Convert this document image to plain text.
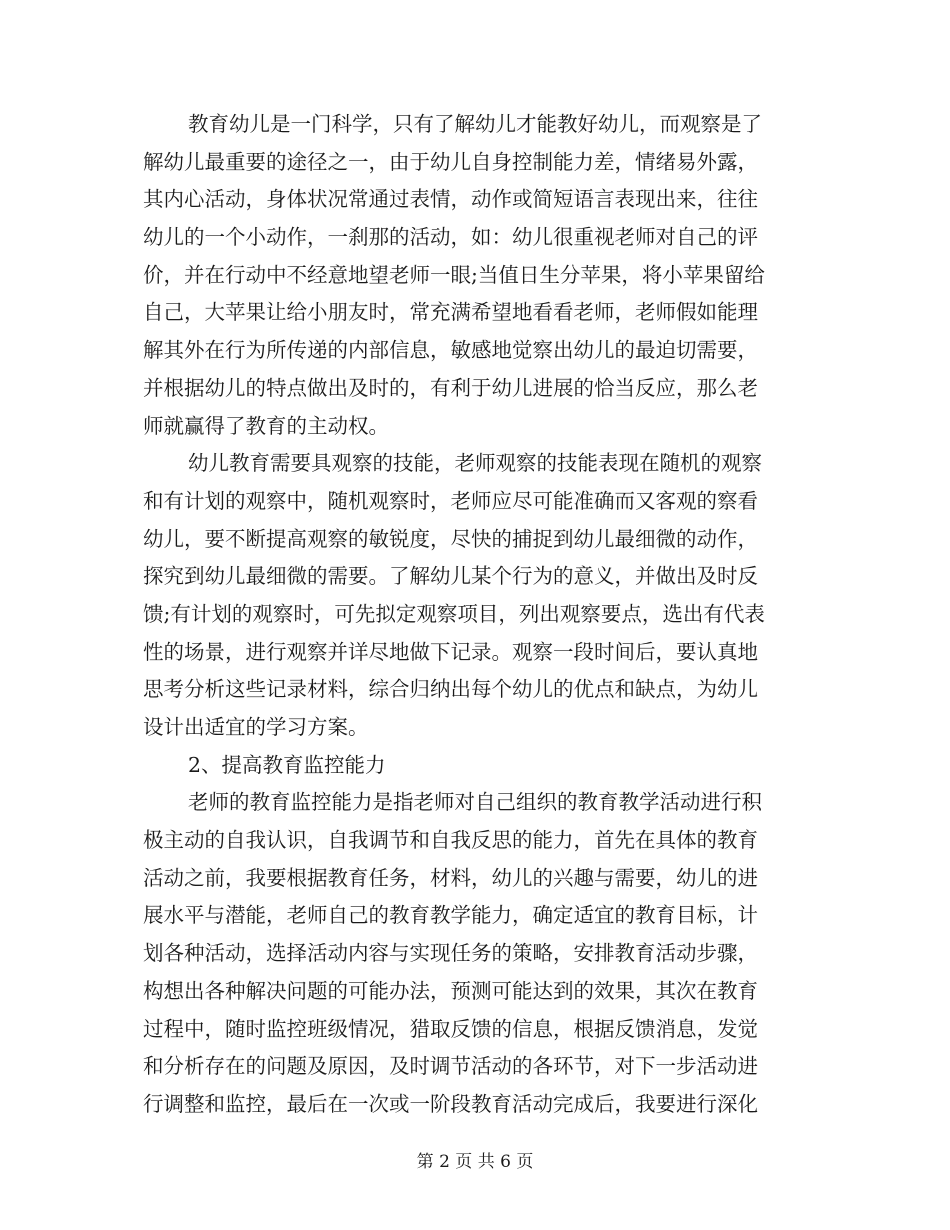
教育幼儿是一门科学，只有了解幼儿才能教好幼儿，而观察是了
解幼儿最重要的途径之一，由于幼儿自身控制能力差，情绪易外露，
其内心活动，身体状况常通过表情，动作或简短语言表现出来，往往
幼儿的一个小动作，一刹那的活动，如：幼儿很重视老师对自己的评
价，并在行动中不经意地望老师一眼;当值日生分苹果，将小苹果留给
自己，大苹果让给小朋友时，常充满希望地看看老师，老师假如能理
解其外在行为所传递的内部信息，敏感地觉察出幼儿的最迫切需要，
并根据幼儿的特点做出及时的，有利于幼儿进展的恰当反应，那么老
师就赢得了教育的主动权。
幼儿教育需要具观察的技能，老师观察的技能表现在随机的观察
和有计划的观察中，随机观察时，老师应尽可能准确而又客观的察看
幼儿，要不断提高观察的敏锐度，尽快的捕捉到幼儿最细微的动作，
探究到幼儿最细微的需要。了解幼儿某个行为的意义，并做出及时反
馈;有计划的观察时，可先拟定观察项目，列出观察要点，选出有代表
性的场景，进行观察并详尽地做下记录。观察一段时间后，要认真地
思考分析这些记录材料，综合归纳出每个幼儿的优点和缺点，为幼儿
设计出适宜的学习方案。
2、提高教育监控能力
老师的教育监控能力是指老师对自己组织的教育教学活动进行积
极主动的自我认识，自我调节和自我反思的能力，首先在具体的教育
活动之前，我要根据教育任务，材料，幼儿的兴趣与需要，幼儿的进
展水平与潜能，老师自己的教育教学能力，确定适宜的教育目标，计
划各种活动，选择活动内容与实现任务的策略，安排教育活动步骤，
构想出各种解决问题的可能办法，预测可能达到的效果，其次在教育
过程中，随时监控班级情况，猎取反馈的信息，根据反馈消息，发觉
和分析存在的问题及原因，及时调节活动的各环节，对下一步活动进
行调整和监控，最后在一次或一阶段教育活动完成后，我要进行深化
第 2 页 共 6 页
